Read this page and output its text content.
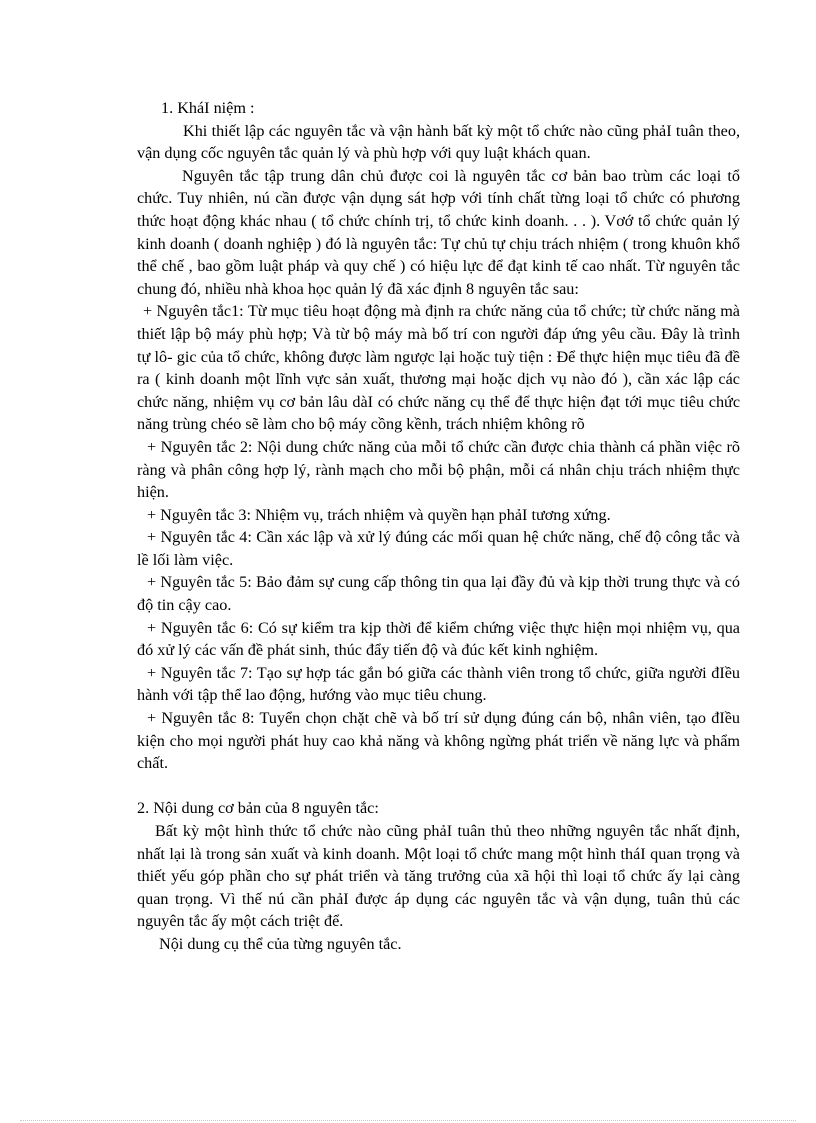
1. KháI niệm :

Khi thiết lập các nguyên tắc và vận hành bất kỳ một tổ chức nào cũng phảI tuân theo, vận dụng cốc nguyên tắc quản lý và phù hợp với quy luật khách quan.

Nguyên tắc tập trung dân chủ được coi là nguyên tắc cơ bản bao trùm các loại tổ chức. Tuy nhiên, nú cần được vận dụng sát hợp với tính chất từng loại tổ chức có phương thức hoạt động khác nhau ( tổ chức chính trị, tổ chức kinh doanh. . . ). Vơớ tổ chức quản lý kinh doanh ( doanh nghiệp ) đó là nguyên tắc: Tự chủ tự chịu trách nhiệm ( trong khuôn khổ thể chế , bao gồm luật pháp và quy chế ) có hiệu lực để đạt kinh tế cao nhất. Từ nguyên tắc chung đó, nhiều nhà khoa học quản lý đã xác định 8 nguyên tắc sau:

+ Nguyên tắc1: Từ mục tiêu hoạt động mà định ra chức năng của tổ chức; từ chức năng mà thiết lập bộ máy phù hợp; Và từ bộ máy mà bố trí con người đáp ứng yêu cầu. Đây là trình tự lô- gic của tổ chức, không được làm ngược lại hoặc tuỳ tiện : Để thực hiện mục tiêu đã đề ra ( kinh doanh một lĩnh vực sản xuất, thương mại hoặc dịch vụ nào đó ), cần xác lập các chức năng, nhiệm vụ cơ bản lâu dàI có chức năng cụ thể để thực hiện đạt tới mục tiêu chức năng trùng chéo sẽ làm cho bộ máy cồng kềnh, trách nhiệm không rõ

+ Nguyên tắc 2: Nội dung chức năng của mỗi tổ chức cần được chia thành cá phần việc rõ ràng và phân công hợp lý, rành mạch cho mỗi bộ phận, mỗi cá nhân chịu trách nhiệm thực hiện.

+ Nguyên tắc 3: Nhiệm vụ, trách nhiệm và quyền hạn phảI tương xứng.

+ Nguyên tắc 4: Cần xác lập và xử lý đúng các mối quan hệ chức năng, chế độ công tắc và lề lối làm việc.

+ Nguyên tắc 5: Bảo đảm sự cung cấp thông tin qua lại đầy đủ và kịp thời trung thực và có độ tin cậy cao.

+ Nguyên tắc 6: Có sự kiểm tra kịp thời để kiểm chứng việc thực hiện mọi nhiệm vụ, qua đó xử lý các vấn đề phát sinh, thúc đẩy tiến độ và đúc kết kinh nghiệm.

+ Nguyên tắc 7: Tạo sự hợp tác gắn bó giữa các thành viên trong tổ chức, giữa người đIều hành với tập thể lao động, hướng vào mục tiêu chung.

+ Nguyên tắc 8: Tuyển chọn chặt chẽ và bố trí sử dụng đúng cán bộ, nhân viên, tạo đIều kiện cho mọi người phát huy cao khả năng và không ngừng phát triển về năng lực và phẩm chất.

2. Nội dung cơ bản của 8 nguyên tắc:

Bất kỳ một hình thức tổ chức nào cũng phảI tuân thủ theo những nguyên tắc nhất định, nhất lại là trong sản xuất và kinh doanh. Một loại tổ chức mang một hình tháI quan trọng và thiết yếu góp phần cho sự phát triển và tăng trưởng của xã hội thì loại tổ chức ấy lại càng quan trọng. Vì thế nú cần phảI được áp dụng các nguyên tắc và vận dụng, tuân thủ các nguyên tắc ấy một cách triệt để.

Nội dung cụ thể của từng nguyên tắc.
